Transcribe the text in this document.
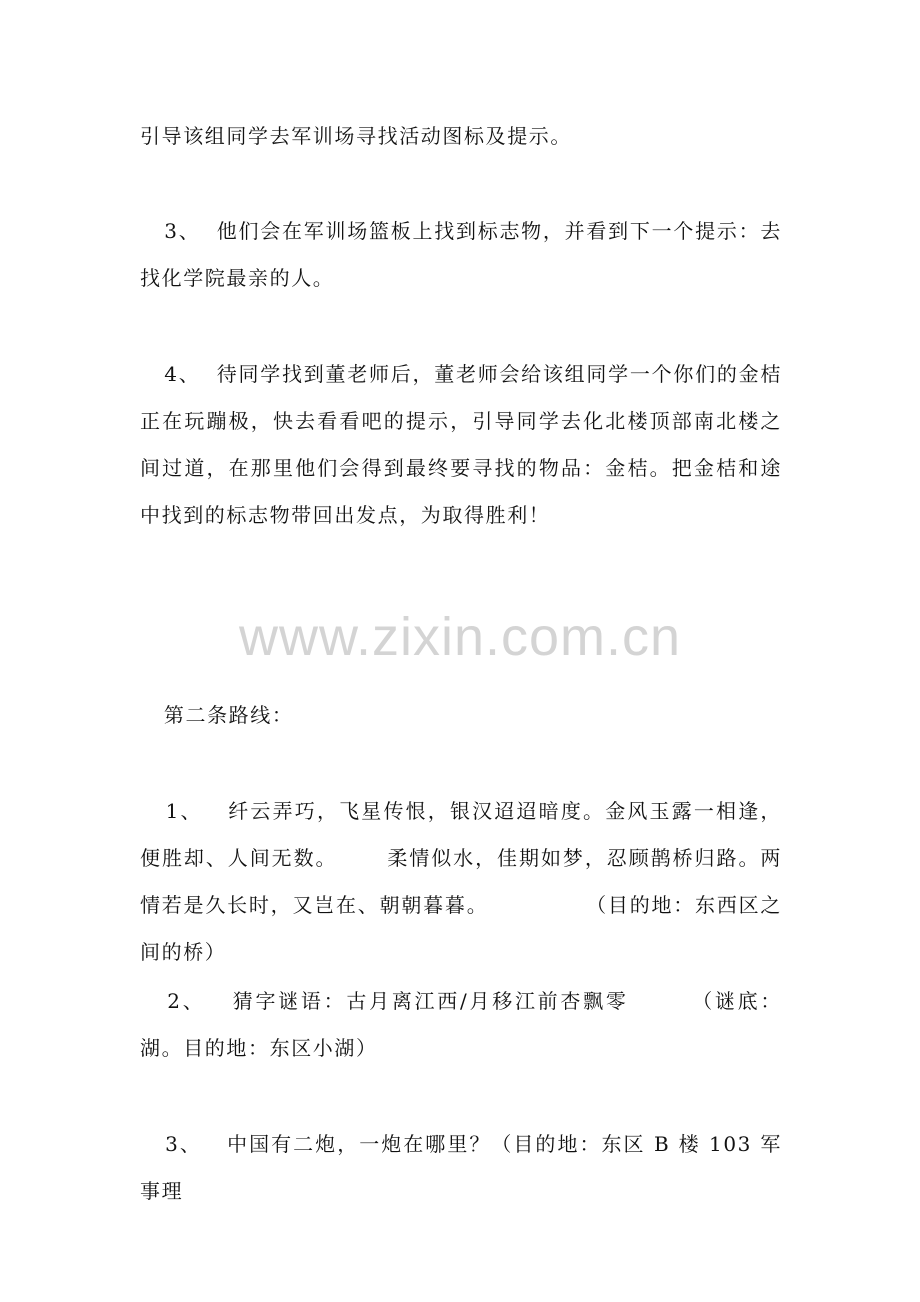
引导该组同学去军训场寻找活动图标及提示。

3、  他们会在军训场篮板上找到标志物，并看到下一个提示：去找化学院最亲的人。

4、  待同学找到董老师后，董老师会给该组同学一个你们的金桔正在玩蹦极，快去看看吧的提示，引导同学去化北楼顶部南北楼之间过道，在那里他们会得到最终要寻找的物品：金桔。把金桔和途中找到的标志物带回出发点，为取得胜利！

www.zixin.com.cn

第二条路线：

1、   纤云弄巧，飞星传恨，银汉迢迢暗度。金风玉露一相逢，便胜却、人间无数。      柔情似水，佳期如梦，忍顾鹊桥归路。两情若是久长时，又岂在、朝朝暮暮。            （目的地：东西区之间的桥）

2、   猜字谜语：古月离江西/月移江前杏飘零       （谜底：湖。目的地：东区小湖）

3、   中国有二炮，一炮在哪里？（目的地：东区 B 楼 103 军事理
